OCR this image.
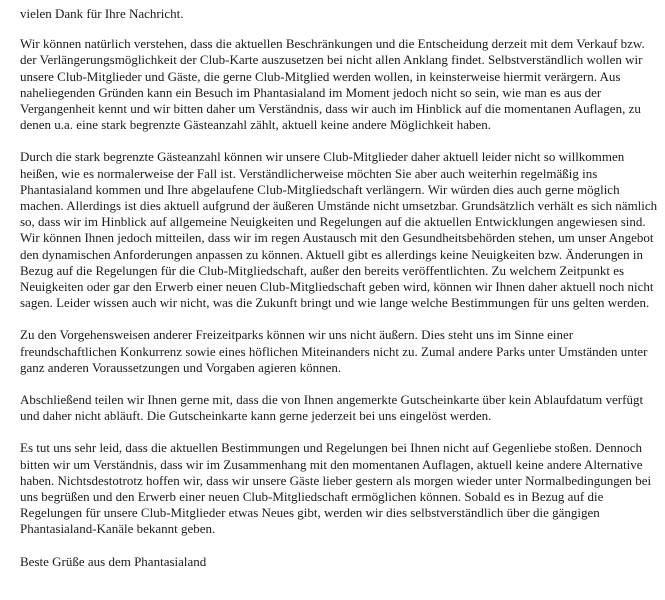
vielen Dank für Ihre Nachricht.

Wir können natürlich verstehen, dass die aktuellen Beschränkungen und die Entscheidung derzeit mit dem Verkauf bzw. der Verlängerungsmöglichkeit der Club-Karte auszusetzen bei nicht allen Anklang findet. Selbstverständlich wollen wir unsere Club-Mitglieder und Gäste, die gerne Club-Mitglied werden wollen, in keinsterweise hiermit verärgern. Aus naheliegenden Gründen kann ein Besuch im Phantasialand im Moment jedoch nicht so sein, wie man es aus der Vergangenheit kennt und wir bitten daher um Verständnis, dass wir auch im Hinblick auf die momentanen Auflagen, zu denen u.a. eine stark begrenzte Gästeanzahl zählt, aktuell keine andere Möglichkeit haben.

Durch die stark begrenzte Gästeanzahl können wir unsere Club-Mitglieder daher aktuell leider nicht so willkommen heißen, wie es normalerweise der Fall ist. Verständlicherweise möchten Sie aber auch weiterhin regelmäßig ins Phantasialand kommen und Ihre abgelaufene Club-Mitgliedschaft verlängern. Wir würden dies auch gerne möglich machen. Allerdings ist dies aktuell aufgrund der äußeren Umstände nicht umsetzbar. Grundsätzlich verhält es sich nämlich so, dass wir im Hinblick auf allgemeine Neuigkeiten und Regelungen auf die aktuellen Entwicklungen angewiesen sind. Wir können Ihnen jedoch mitteilen, dass wir im regen Austausch mit den Gesundheitsbehörden stehen, um unser Angebot den dynamischen Anforderungen anpassen zu können. Aktuell gibt es allerdings keine Neuigkeiten bzw. Änderungen in Bezug auf die Regelungen für die Club-Mitgliedschaft, außer den bereits veröffentlichten. Zu welchem Zeitpunkt es Neuigkeiten oder gar den Erwerb einer neuen Club-Mitgliedschaft geben wird, können wir Ihnen daher aktuell noch nicht sagen. Leider wissen auch wir nicht, was die Zukunft bringt und wie lange welche Bestimmungen für uns gelten werden.

Zu den Vorgehensweisen anderer Freizeitparks können wir uns nicht äußern. Dies steht uns im Sinne einer freundschaftlichen Konkurrenz sowie eines höflichen Miteinanders nicht zu. Zumal andere Parks unter Umständen unter ganz anderen Voraussetzungen und Vorgaben agieren können.

Abschließend teilen wir Ihnen gerne mit, dass die von Ihnen angemerkte Gutscheinkarte über kein Ablaufdatum verfügt und daher nicht abläuft. Die Gutscheinkarte kann gerne jederzeit bei uns eingelöst werden.

Es tut uns sehr leid, dass die aktuellen Bestimmungen und Regelungen bei Ihnen nicht auf Gegenliebe stoßen. Dennoch bitten wir um Verständnis, dass wir im Zusammenhang mit den momentanen Auflagen, aktuell keine andere Alternative haben. Nichtsdestotrotz hoffen wir, dass wir unsere Gäste lieber gestern als morgen wieder unter Normalbedingungen bei uns begrüßen und den Erwerb einer neuen Club-Mitgliedschaft ermöglichen können. Sobald es in Bezug auf die Regelungen für unsere Club-Mitglieder etwas Neues gibt, werden wir dies selbstverständlich über die gängigen Phantasialand-Kanäle bekannt geben.

Beste Grüße aus dem Phantasialand
